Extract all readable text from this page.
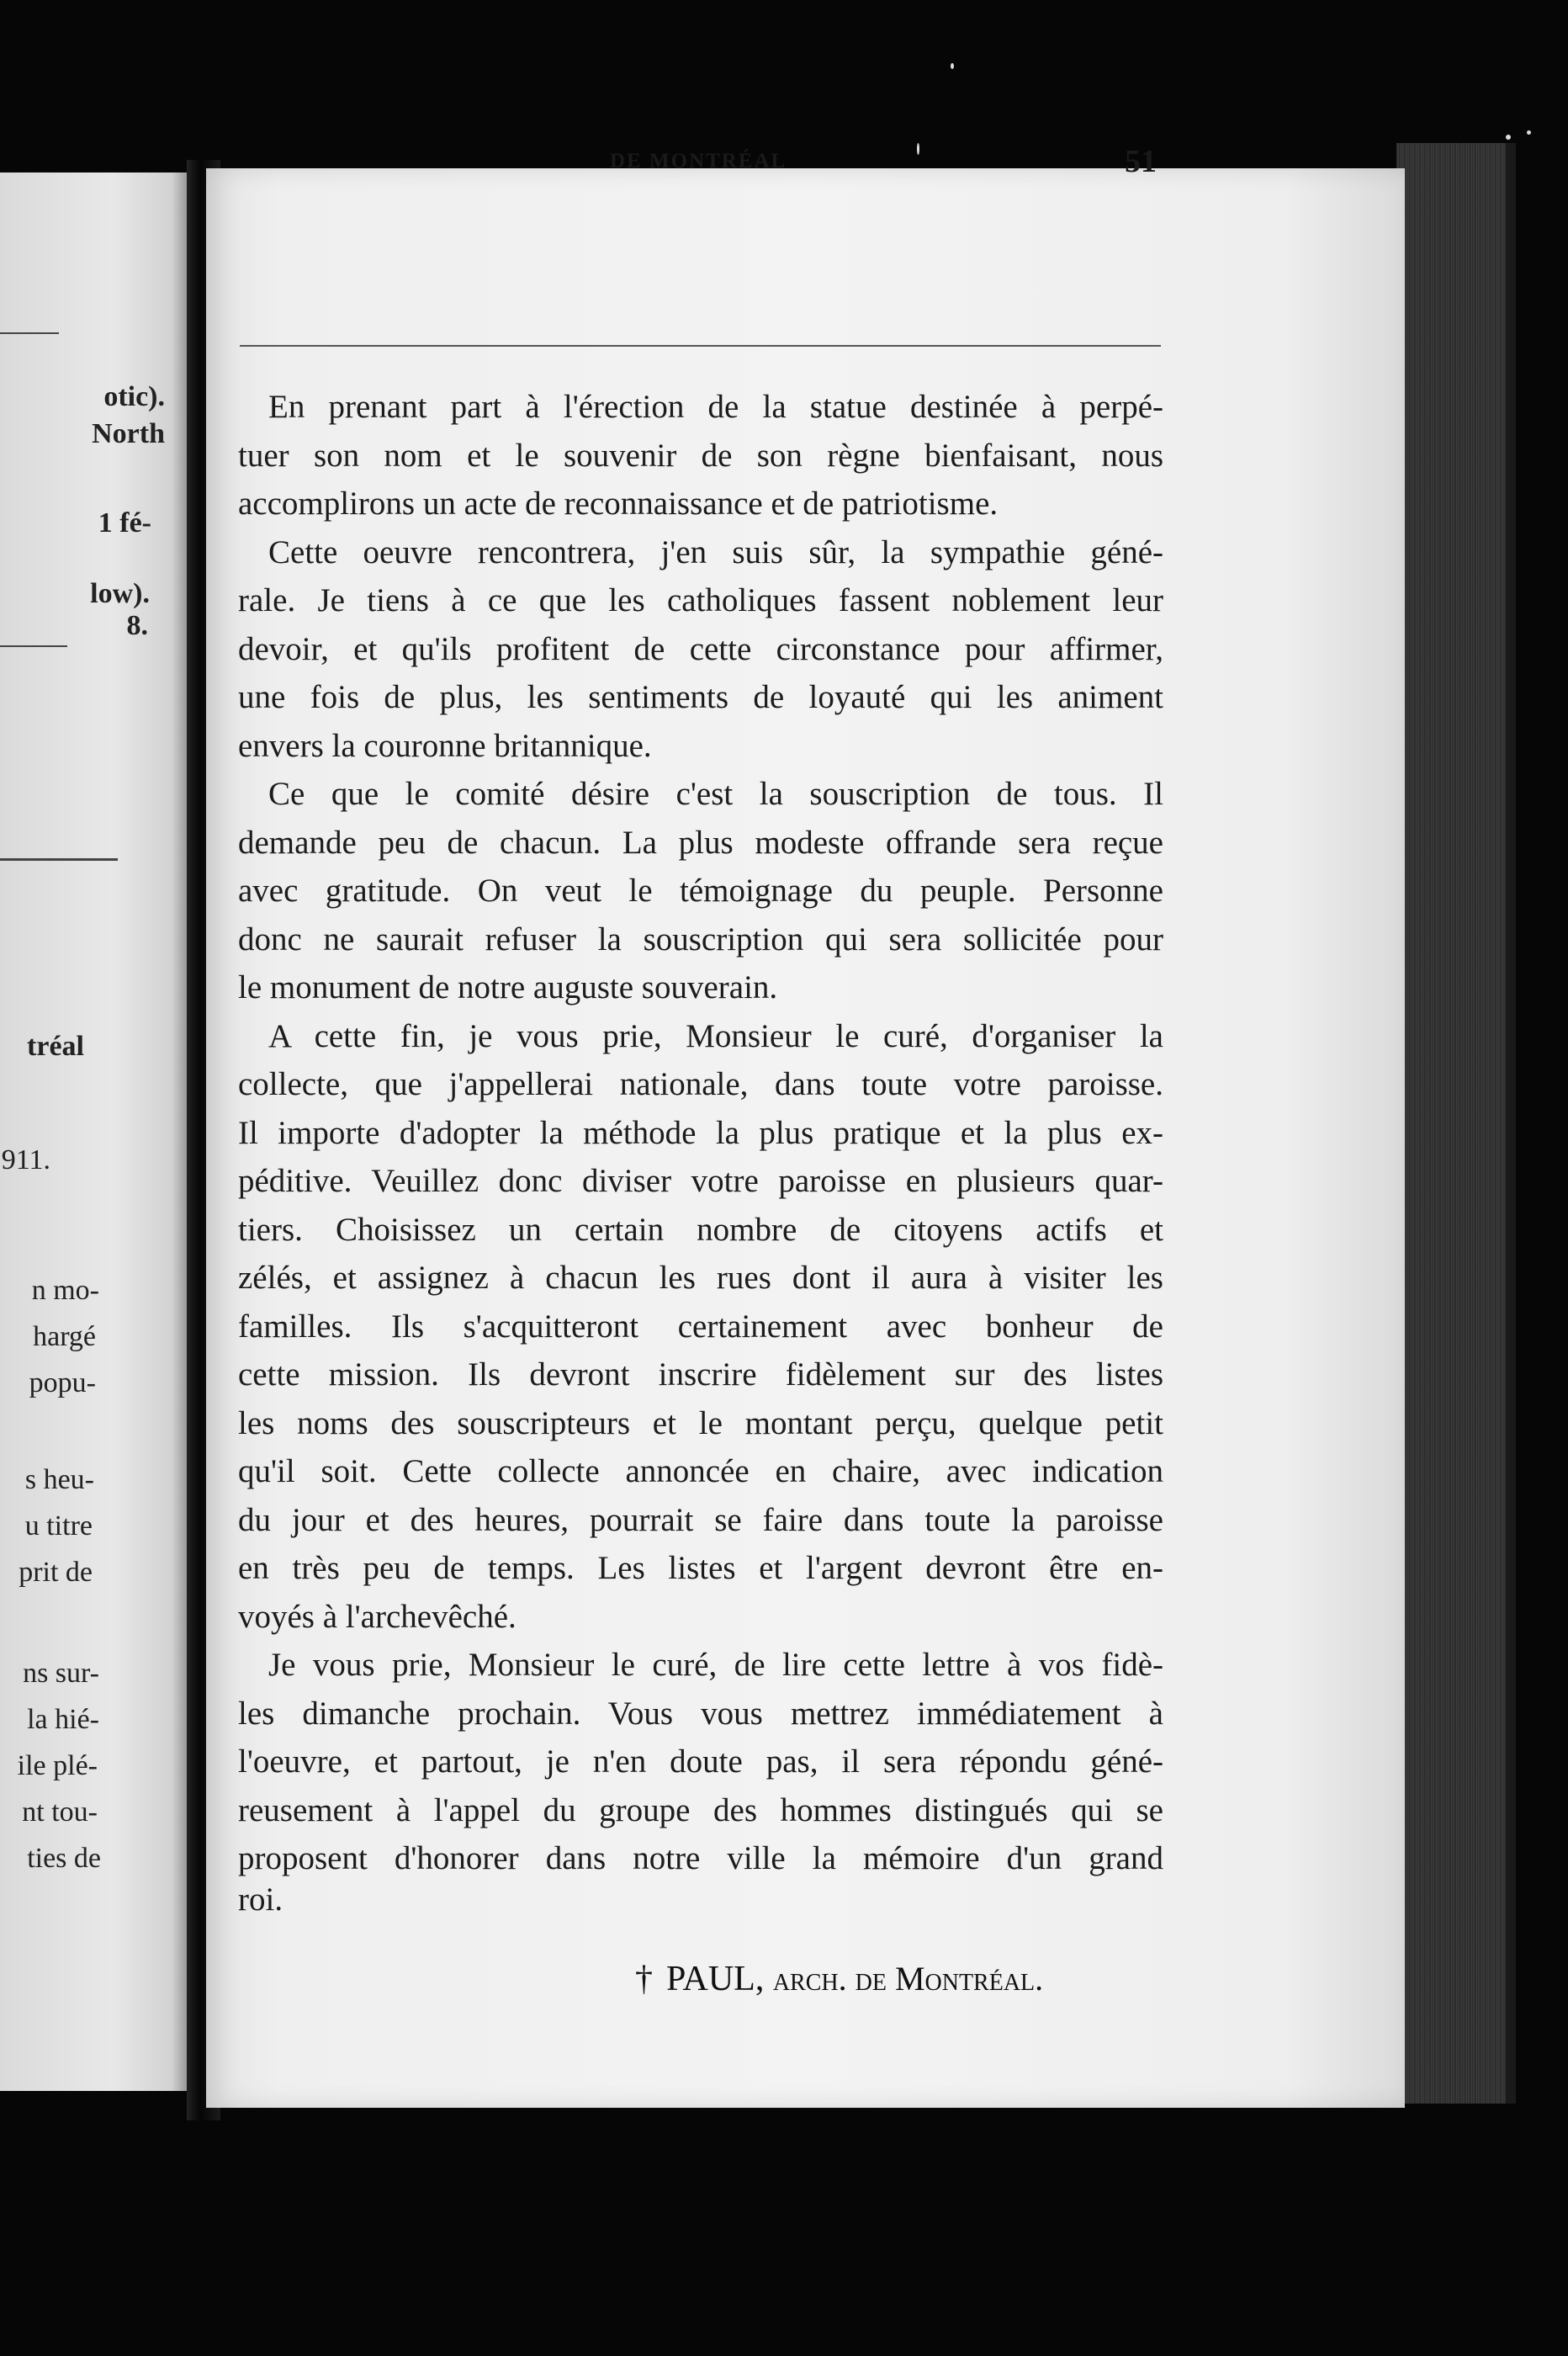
otic).
North
1 fé-
low).
8.
tréal
911.
n mo-
hargé
popu-
s heu-
u titre
prit de
ns sur-
la hié-
ile plé-
nt tou-
ties de
DE MONTRÉAL	51
En prenant part à l'érection de la statue destinée à perpé-
tuer son nom et le souvenir de son règne bienfaisant, nous
accomplirons un acte de reconnaissance et de patriotisme.
Cette oeuvre rencontrera, j'en suis sûr, la sympathie géné-
rale. Je tiens à ce que les catholiques fassent noblement leur
devoir, et qu'ils profitent de cette circonstance pour affirmer,
une fois de plus, les sentiments de loyauté qui les animent
envers la couronne britannique.
Ce que le comité désire c'est la souscription de tous. Il
demande peu de chacun. La plus modeste offrande sera reçue
avec gratitude. On veut le témoignage du peuple. Personne
donc ne saurait refuser la souscription qui sera sollicitée pour
le monument de notre auguste souverain.
A cette fin, je vous prie, Monsieur le curé, d'organiser la
collecte, que j'appellerai nationale, dans toute votre paroisse.
Il importe d'adopter la méthode la plus pratique et la plus ex-
péditive. Veuillez donc diviser votre paroisse en plusieurs quar-
tiers. Choisissez un certain nombre de citoyens actifs et
zélés, et assignez à chacun les rues dont il aura à visiter les
familles. Ils s'acquitteront certainement avec bonheur de
cette mission. Ils devront inscrire fidèlement sur des listes
les noms des souscripteurs et le montant perçu, quelque petit
qu'il soit. Cette collecte annoncée en chaire, avec indication
du jour et des heures, pourrait se faire dans toute la paroisse
en très peu de temps. Les listes et l'argent devront être en-
voyés à l'archevêché.
Je vous prie, Monsieur le curé, de lire cette lettre à vos fidè-
les dimanche prochain. Vous vous mettrez immédiatement à
l'oeuvre, et partout, je n'en doute pas, il sera répondu géné-
reusement à l'appel du groupe des hommes distingués qui se
proposent d'honorer dans notre ville la mémoire d'un grand
roi.
† PAUL, arch. de Montréal.
